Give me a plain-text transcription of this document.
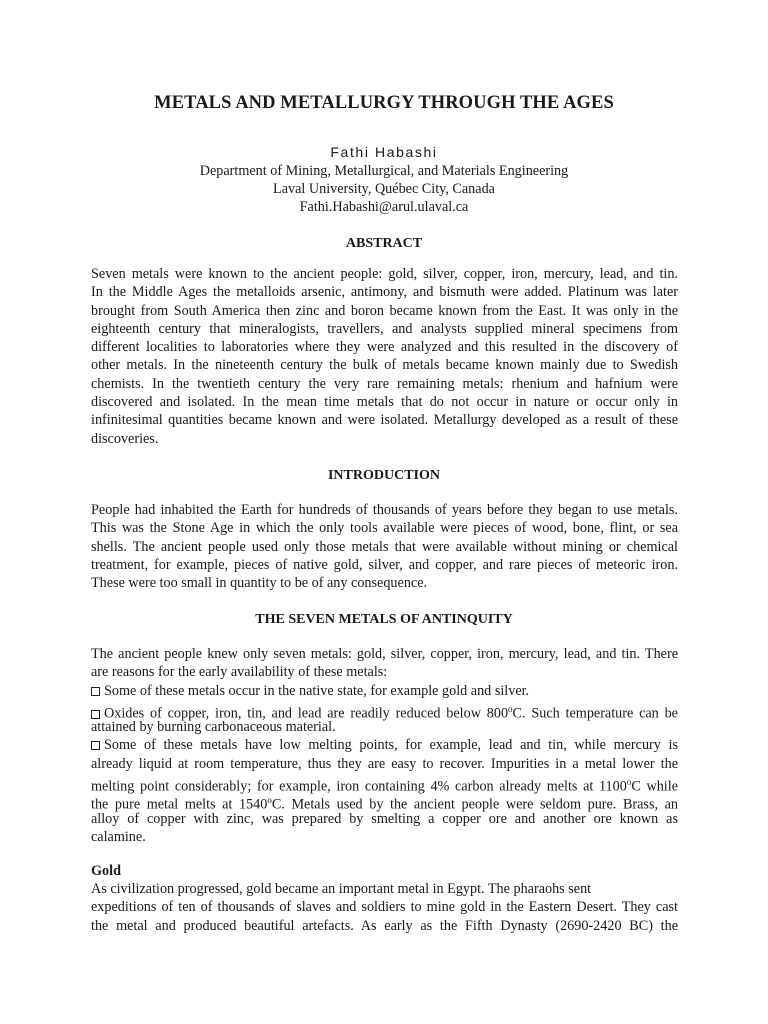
METALS AND METALLURGY THROUGH THE AGES
Fathi Habashi
Department of Mining, Metallurgical, and Materials Engineering
Laval University, Québec City, Canada
Fathi.Habashi@arul.ulaval.ca
ABSTRACT
Seven metals were known to the ancient people: gold, silver, copper, iron, mercury, lead, and tin.
In the Middle Ages the metalloids arsenic, antimony, and bismuth were added. Platinum was later
brought from South America then zinc and boron became known from the East. It was only in the
eighteenth century that mineralogists, travellers, and analysts supplied mineral specimens from
different localities to laboratories where they were analyzed and this resulted in the discovery of
other metals. In the nineteenth century the bulk of metals became known mainly due to Swedish
chemists. In the twentieth century the very rare remaining metals: rhenium and hafnium were
discovered and isolated. In the mean time metals that do not occur in nature or occur only in
infinitesimal quantities became known and were isolated. Metallurgy developed as a result of these
discoveries.
INTRODUCTION
People had inhabited the Earth for hundreds of thousands of years before they began to use metals.
This was the Stone Age in which the only tools available were pieces of wood, bone, flint, or sea
shells. The ancient people used only those metals that were available without mining or chemical
treatment, for example, pieces of native gold, silver, and copper, and rare pieces of meteoric iron.
These were too small in quantity to be of any consequence.
THE SEVEN METALS OF ANTINQUITY
The ancient people knew only seven metals: gold, silver, copper, iron, mercury, lead, and tin. There
are reasons for the early availability of these metals:
Some of these metals occur in the native state, for example gold and silver.
Oxides of copper, iron, tin, and lead are readily reduced below 800$^o$C. Such temperature can be
attained by burning carbonaceous material.
Some of these metals have low melting points, for example, lead and tin, while mercury is
already liquid at room temperature, thus they are easy to recover. Impurities in a metal lower the
melting point considerably; for example, iron containing 4% carbon already melts at 1100$^o$C while
the pure metal melts at 1540$^o$C. Metals used by the ancient people were seldom pure. Brass, an
alloy of copper with zinc, was prepared by smelting a copper ore and another ore known as
calamine.
Gold
As civilization progressed, gold became an important metal in Egypt. The pharaohs sent
expeditions of ten of thousands of slaves and soldiers to mine gold in the Eastern Desert. They cast
the metal and produced beautiful artefacts. As early as the Fifth Dynasty (2690-2420 BC) the
